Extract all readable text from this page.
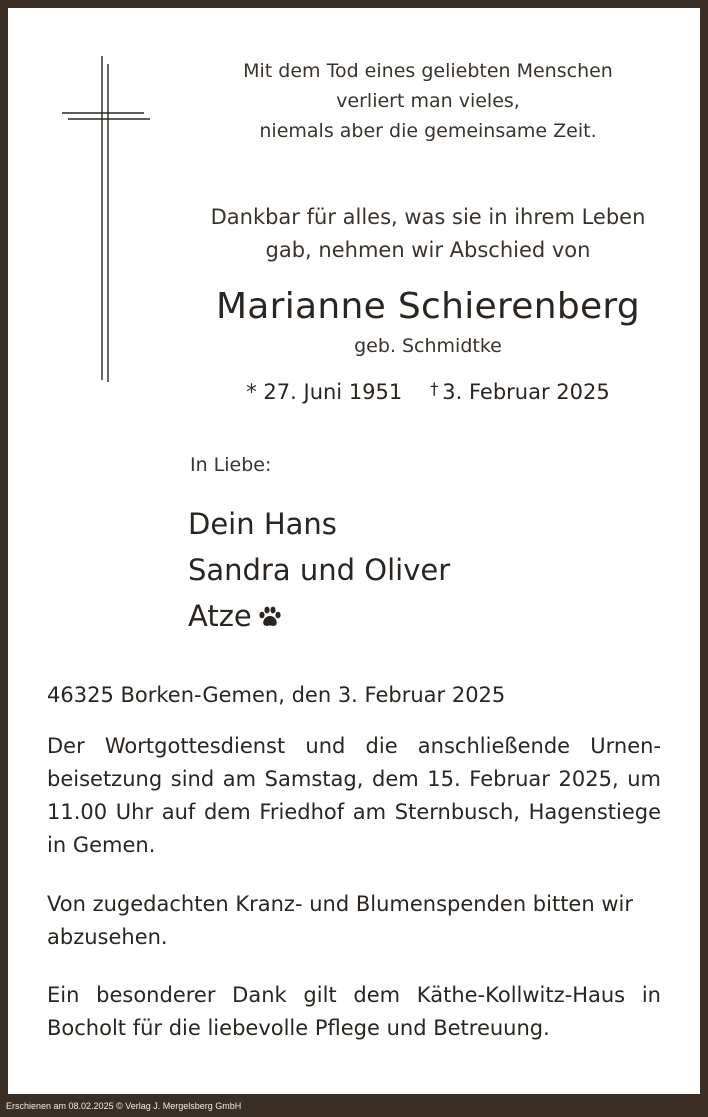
Mit dem Tod eines geliebten Menschen
verliert man vieles,
niemals aber die gemeinsame Zeit.
Dankbar für alles, was sie in ihrem Leben
gab, nehmen wir Abschied von
Marianne Schierenberg
geb. Schmidtke
* 27. Juni 1951 † 3. Februar 2025
In Liebe:
Dein Hans
Sandra und Oliver
Atze
46325 Borken-Gemen, den 3. Februar 2025
Der Wortgottesdienst und die anschließende Urnenbeisetzung sind am Samstag, dem 15. Februar 2025, um 11.00 Uhr auf dem Friedhof am Sternbusch, Hagenstiege in Gemen.
Von zugedachten Kranz- und Blumenspenden bitten wir abzusehen.
Ein besonderer Dank gilt dem Käthe-Kollwitz-Haus in Bocholt für die liebevolle Pflege und Betreuung.
Erschienen am 08.02.2025 © Verlag J. Mergelsberg GmbH
